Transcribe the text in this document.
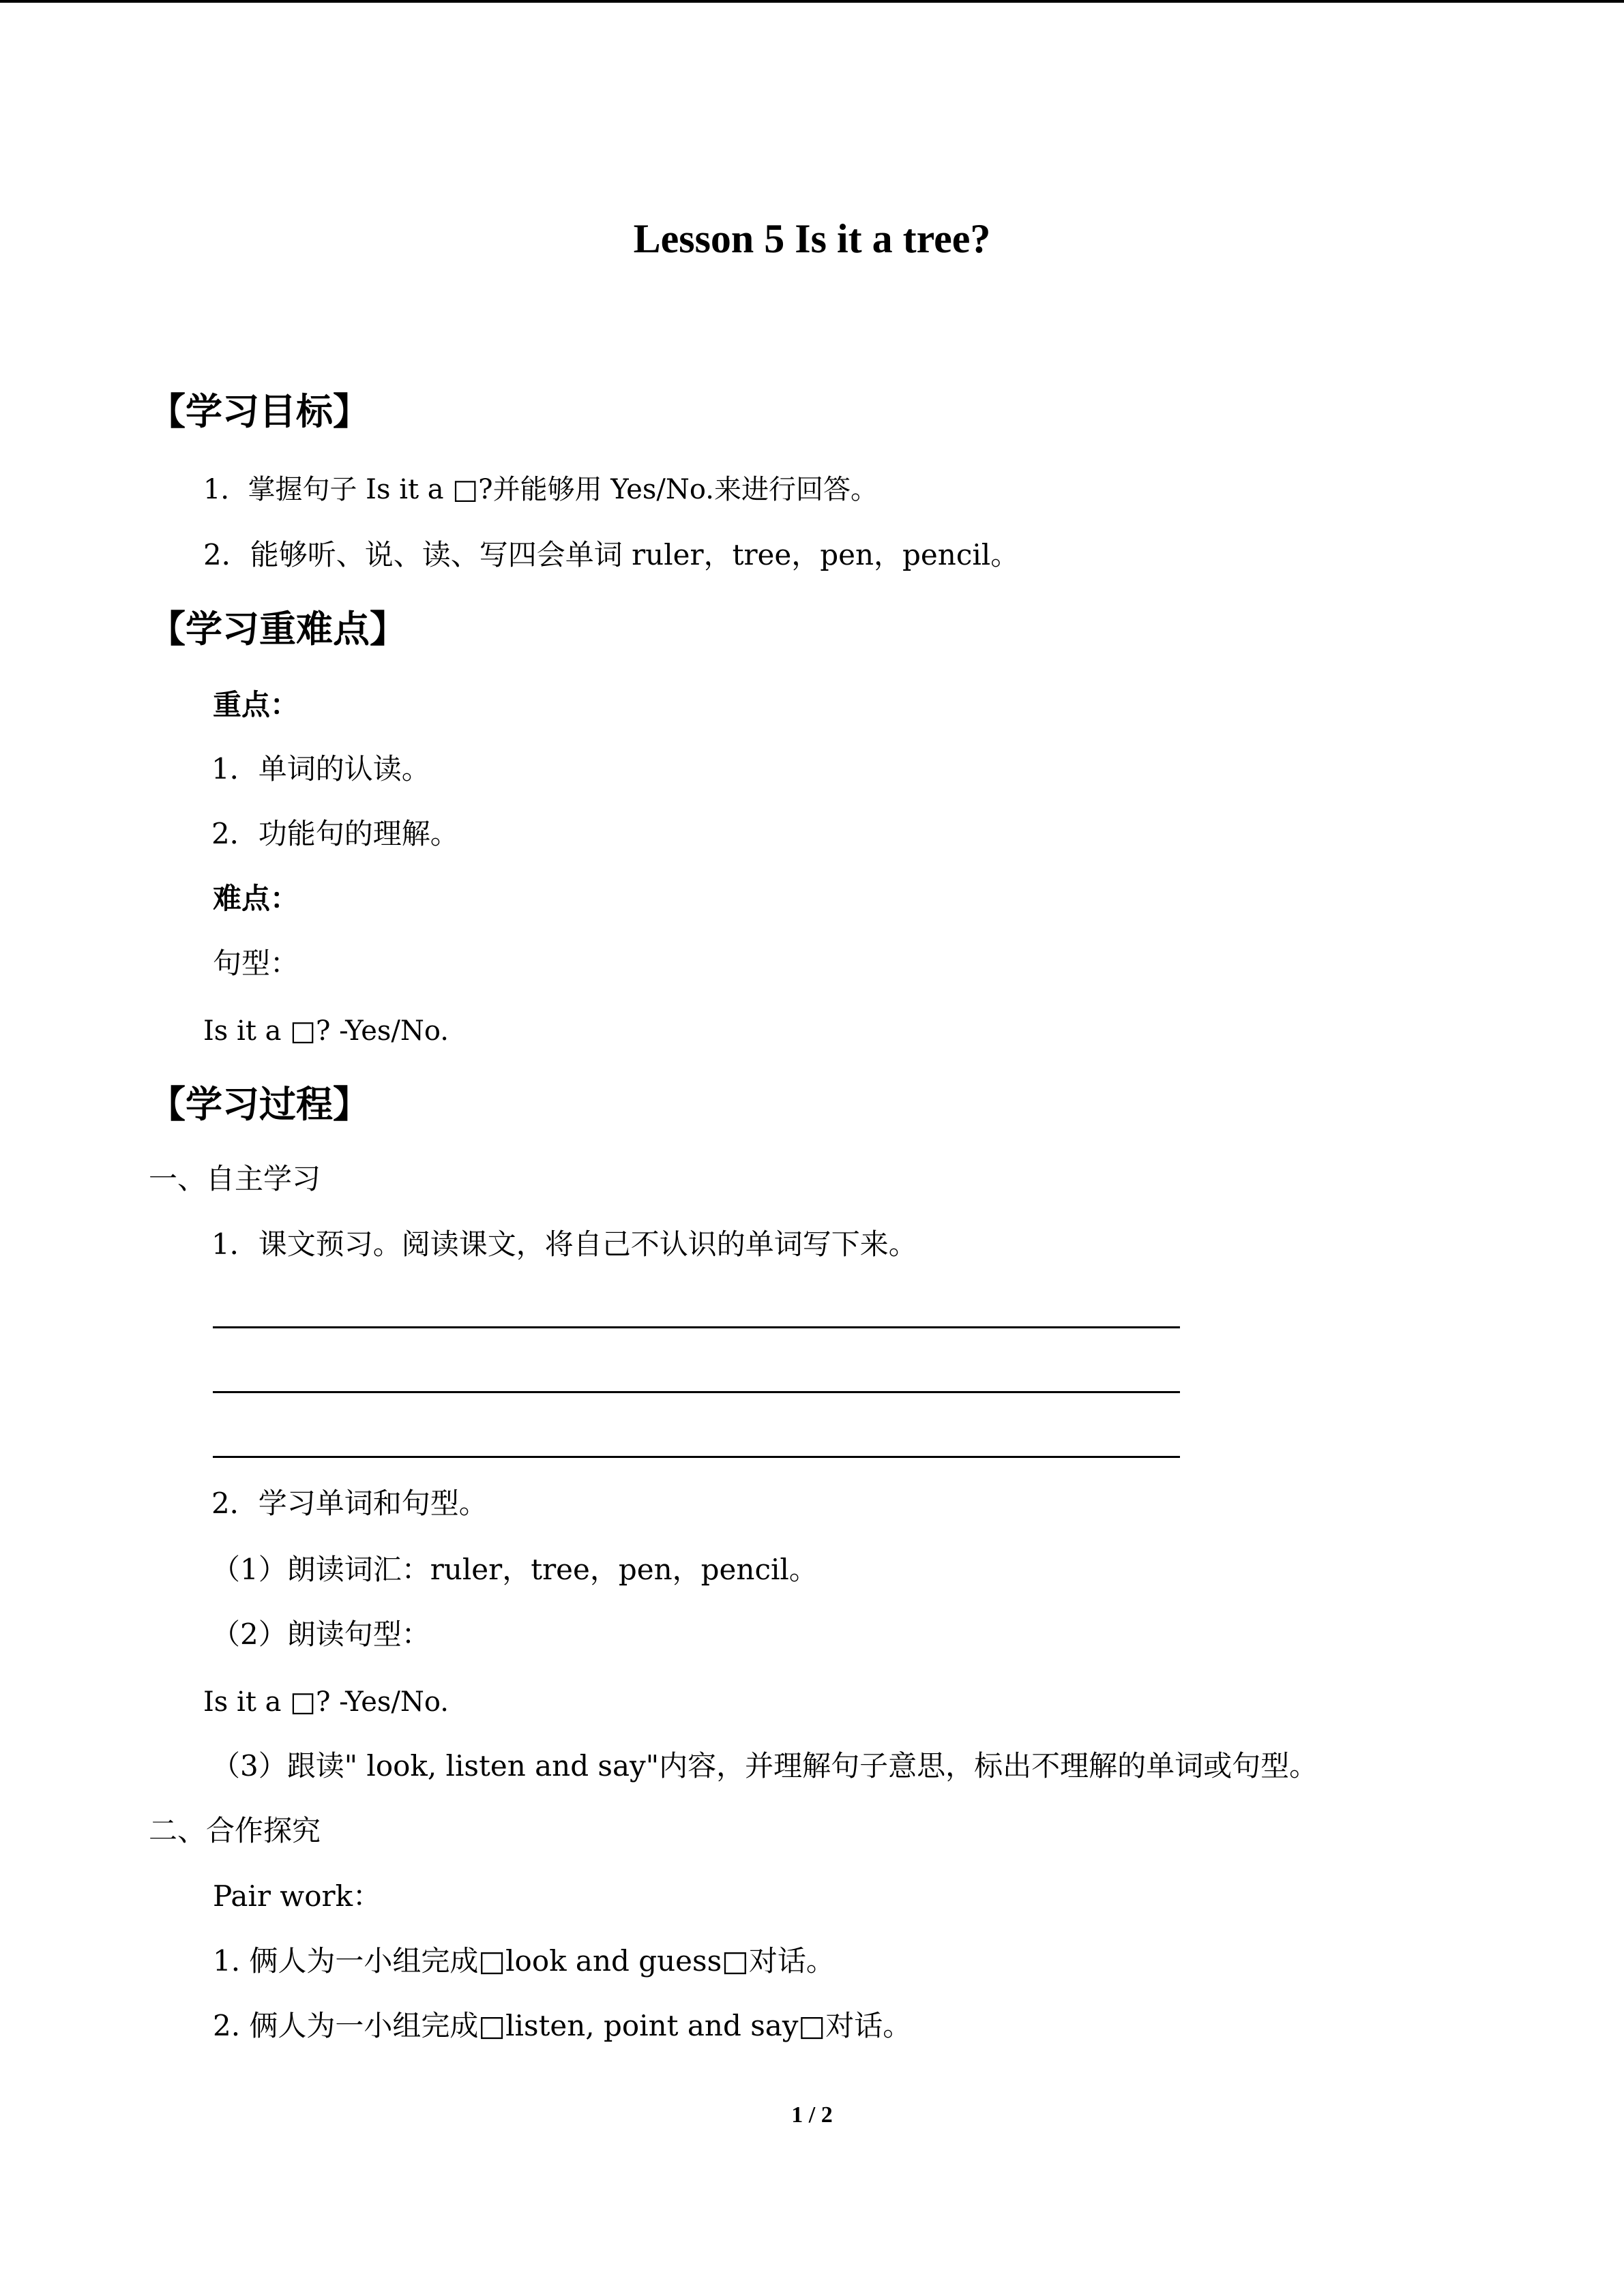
Lesson 5 Is it a tree?
【学习目标】
1．掌握句子 Is it a □?并能够用 Yes/No.来进行回答。
2．能够听、说、读、写四会单词 ruler，tree，pen，pencil。
【学习重难点】
重点：
1．单词的认读。
2．功能句的理解。
难点：
句型：
Is it a □? -Yes/No.
【学习过程】
一、自主学习
1．课文预习。阅读课文，将自己不认识的单词写下来。
2．学习单词和句型。
（1）朗读词汇：ruler，tree，pen，pencil。
（2）朗读句型：
Is it a □? -Yes/No.
（3）跟读" look, listen and say"内容，并理解句子意思，标出不理解的单词或句型。
二、合作探究
Pair work：
1. 俩人为一小组完成□look and guess□对话。
2. 俩人为一小组完成□listen, point and say□对话。
1 / 2
